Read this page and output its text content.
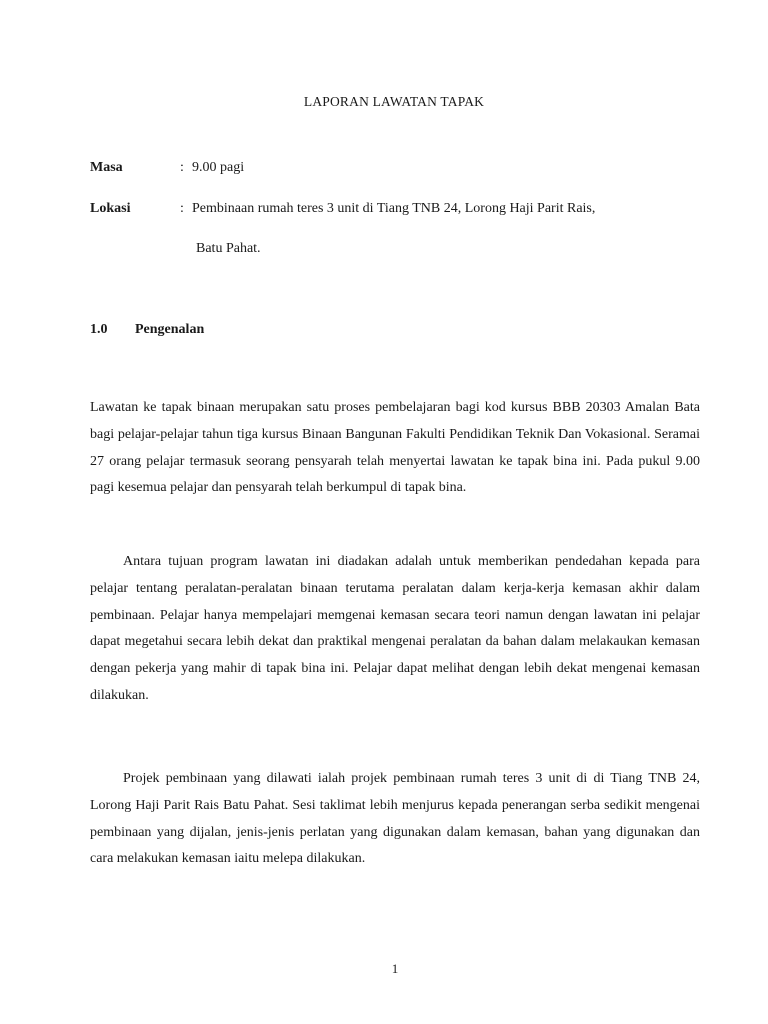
LAPORAN LAWATAN TAPAK
Masa	: 9.00 pagi
Lokasi	: Pembinaan rumah teres 3 unit di Tiang TNB 24, Lorong Haji Parit Rais,
Batu Pahat.
1.0 Pengenalan

Lawatan ke tapak binaan merupakan satu proses pembelajaran bagi kod kursus BBB 20303 Amalan Bata bagi pelajar-pelajar tahun tiga kursus Binaan Bangunan Fakulti Pendidikan Teknik Dan Vokasional. Seramai 27 orang pelajar termasuk seorang pensyarah telah menyertai lawatan ke tapak bina ini. Pada pukul 9.00 pagi kesemua pelajar dan pensyarah telah berkumpul di tapak bina.

Antara tujuan program lawatan ini diadakan adalah untuk memberikan pendedahan kepada para pelajar tentang peralatan-peralatan binaan terutama peralatan dalam kerja-kerja kemasan akhir dalam pembinaan. Pelajar hanya mempelajari memgenai kemasan secara teori namun dengan lawatan ini pelajar dapat megetahui secara lebih dekat dan praktikal mengenai peralatan da bahan dalam melakaukan kemasan dengan pekerja yang mahir di tapak bina ini. Pelajar dapat melihat dengan lebih dekat mengenai kemasan dilakukan.

Projek pembinaan yang dilawati ialah projek pembinaan rumah teres 3 unit di di Tiang TNB 24, Lorong Haji Parit Rais Batu Pahat. Sesi taklimat lebih menjurus kepada penerangan serba sedikit mengenai pembinaan yang dijalan, jenis-jenis perlatan yang digunakan dalam kemasan, bahan yang digunakan dan cara melakukan kemasan iaitu melepa dilakukan.

1
